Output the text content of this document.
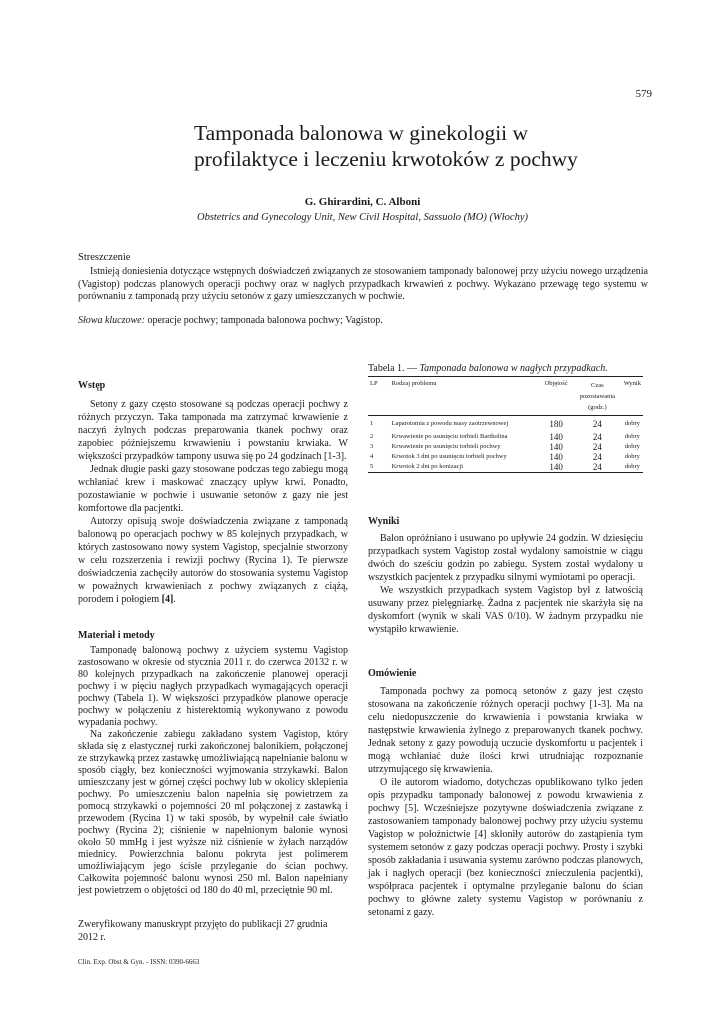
579
Tamponada balonowa w ginekologii w
profilaktyce i leczeniu krwotoków z pochwy
G. Ghirardini, C. Alboni
Obstetrics and Gynecology Unit, New Civil Hospital, Sassuolo (MO) (Włochy)
Streszczenie
Istnieją doniesienia dotyczące wstępnych doświadczeń związanych ze stosowaniem tamponady balonowej przy użyciu nowego urządzenia (Vagistop) podczas planowych operacji pochwy oraz w nagłych przypadkach krwawień z pochwy. Wykazano przewagę tego systemu w porównaniu z tamponadą przy użyciu setonów z gazy umieszczanych w pochwie.
Słowa kluczowe: operacje pochwy; tamponada balonowa pochwy; Vagistop.
Wstęp

Setony z gazy często stosowane są podczas operacji pochwy z różnych przyczyn. Taka tamponada ma zatrzymać krwawienie z naczyń żylnych podczas preparowania tkanek pochwy oraz zapobiec późniejszemu krwawieniu i powstaniu krwiaka. W większości przypadków tampony usuwa się po 24 godzinach [1-3].

Jednak długie paski gazy stosowane podczas tego zabiegu mogą wchłaniać krew i maskować znaczący upływ krwi. Ponadto, pozostawianie w pochwie i usuwanie setonów z gazy nie jest komfortowe dla pacjentki.

Autorzy opisują swoje doświadczenia związane z tamponadą balonową po operacjach pochwy w 85 kolejnych przypadkach, w których zastosowano nowy system Vagistop, specjalnie stworzony w celu rozszerzenia i rewizji pochwy (Rycina 1). Te pierwsze doświadczenia zachęciły autorów do stosowania systemu Vagistop w poważnych krwawieniach z pochwy związanych z ciążą, porodem i połogiem [4].

Materiał i metody

Tamponadę balonową pochwy z użyciem systemu Vagistop zastosowano w okresie od stycznia 2011 r. do czerwca 20132 r. w 80 kolejnych przypadkach na zakończenie planowej operacji pochwy i w pięciu nagłych przypadkach wymagających operacji pochwy (Tabela 1). W większości przypadków planowe operacje pochwy w połączeniu z histerektomią wykonywano z powodu wypadania pochwy.

Na zakończenie zabiegu zakładano system Vagistop, który składa się z elastycznej rurki zakończonej balonikiem, połączonej ze strzykawką przez zastawkę umożliwiającą napełnianie balonu w sposób ciągły, bez konieczności wyjmowania strzykawki. Balon umieszczany jest w górnej części pochwy lub w okolicy sklepienia pochwy. Po umieszczeniu balon napełnia się powietrzem za pomocą strzykawki o pojemności 20 ml połączonej z zastawką i przewodem (Rycina 1) w taki sposób, by wypełnił całe światło pochwy (Rycina 2); ciśnienie w napełnionym balonie wynosi około 50 mmHg i jest wyższe niż ciśnienie w żyłach narządów miednicy. Powierzchnia balonu pokryta jest polimerem umożliwiającym jego ścisłe przyleganie do ścian pochwy. Całkowita pojemność balonu wynosi 250 ml. Balon napełniany jest powietrzem o objętości od 180 do 40 ml, przeciętnie 90 ml.

Zweryfikowany manuskrypt przyjęto do publikacji 27 grudnia 2012 r.
Clin. Exp. Obst & Gyn. - ISSN: 0390-6663
Tabela 1. — Tamponada balonowa w nagłych przypadkach.
LP	Rodzaj problemu	Objętość	Czas pozostawania (godz.)	Wynik
1	Laparotomia z powodu masy zaotrzewnowej	180	24	dobry
2	Krwawienie po usunięciu torbieli Bartholina	140	24	dobry
3	Krwawienie po usunięciu torbieli pochwy	140	24	dobry
4	Krwotok 3 dni po usunięciu torbieli pochwy	140	24	dobry
5	Krwotok 2 dni po konizacji	140	24	dobry
Wyniki

Balon opróżniano i usuwano po upływie 24 godzin. W dziesięciu przypadkach system Vagistop został wydalony samoistnie w ciągu dwóch do sześciu godzin po zabiegu. System został wydalony u wszystkich pacjentek z przypadku silnymi wymiotami po operacji.

We wszystkich przypadkach system Vagistop był z łatwością usuwany przez pielęgniarkę. Żadna z pacjentek nie skarżyła się na dyskomfort (wynik w skali VAS 0/10). W żadnym przypadku nie wystąpiło krwawienie.

Omówienie

Tamponada pochwy za pomocą setonów z gazy jest często stosowana na zakończenie różnych operacji pochwy [1-3]. Ma na celu niedopuszczenie do krwawienia i powstania krwiaka w następstwie krwawienia żylnego z preparowanych tkanek pochwy. Jednak setony z gazy powodują uczucie dyskomfortu u pacjentek i mogą wchłaniać duże ilości krwi utrudniając rozpoznanie utrzymującego się krwawienia.

O ile autorom wiadomo, dotychczas opublikowano tylko jeden opis przypadku tamponady balonowej z powodu krwawienia z pochwy [5]. Wcześniejsze pozytywne doświadczenia związane z zastosowaniem tamponady balonowej pochwy przy użyciu systemu Vagistop w położnictwie [4] skłoniły autorów do zastąpienia tym systemem setonów z gazy podczas operacji pochwy. Prosty i szybki sposób zakładania i usuwania systemu zarówno podczas planowych, jak i nagłych operacji (bez konieczności znieczulenia pacjentki), współpraca pacjentek i optymalne przyleganie balonu do ścian pochwy to główne zalety systemu Vagistop w porównaniu z setonami z gazy.
